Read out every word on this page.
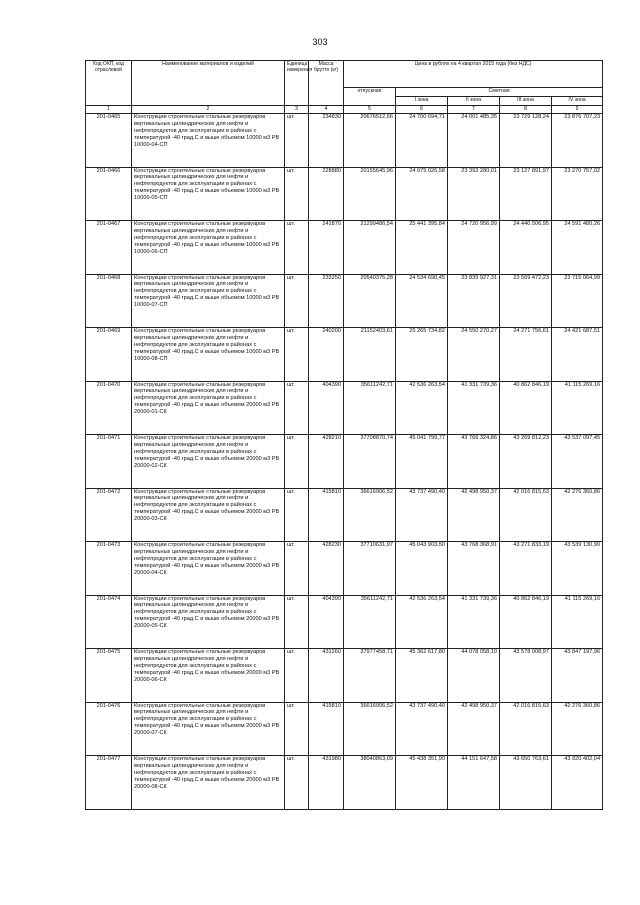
303
Код ОКП, код отраслевой	Наименование материалов и изделий	Единица измерения	Масса брутто (кг)	Цена в рублях на 4 квартал 2015 года (без НДС)				
				отпускная	Сметная			
					I зона	II зона	III зона	IV зона
1	2	3	4	5	6	7	8	9
201-0465	Конструкции строительные стальные резервуаров вертикальных цилиндрических для нефти и нефтепродуктов для эксплуатации в районах с температурой -40 град.С и выше объемом 10000 м3 РВ 10000-04-СП	шт.	234830	20676512,66	24 700 694,71	24 001 485,35	23 729 128,24	23 876 707,23
201-0466	Конструкции строительные стальные резервуаров вертикальных цилиндрических для нефти и нефтепродуктов для эксплуатации в районах с температурой -40 град.С и выше объемом 10000 м3 РВ 10000-05-СП	шт.	228880	20155645,96	24 075 026,58	23 393 280,01	23 127 891,97	23 270 757,02
201-0467	Конструкции строительные стальные резервуаров вертикальных цилиндрических для нефти и нефтепродуктов для эксплуатации в районах с температурой -40 град.С и выше объемом 10000 м3 РВ 10000-06-СП	шт.	241870	21299486,54	25 441 395,84	24 720 956,99	24 440 506,95	24 591 480,26
201-0468	Конструкции строительные стальные резервуаров вертикальных цилиндрических для нефти и нефтепродуктов для эксплуатации в районах с температурой -40 град.С и выше объемом 10000 м3 РВ 10000-07-СП	шт.	233250	20540375,28	24 534 690,45	23 839 927,31	23 569 472,23	23 715 064,99
201-0469	Конструкции строительные стальные резервуаров вертикальных цилиндрических для нефти и нефтепродуктов для эксплуатации в районах с температурой -40 град.С и выше объемом 10000 м3 РВ 10000-08-СП	шт.	240200	21152403,61	25 265 734,82	24 550 270,27	24 271 756,61	24 421 687,51
201-0470	Конструкции строительные стальные резервуаров вертикальных цилиндрических для нефти и нефтепродуктов для эксплуатации в районах с температурой -40 град.С и выше объемом 20000 м3 РВ 20000-01-СК	шт.	404390	35611242,71	42 536 263,54	41 331 739,36	40 862 846,19	41 115 269,16
201-0471	Конструкции строительные стальные резервуаров вертикальных цилиндрических для нефти и нефтепродуктов для эксплуатации в районах с температурой -40 град.С и выше объемом 20000 м3 РВ 20000-02-СК	шт.	428210	37708870,74	45 041 799,77	43 766 324,86	43 269 812,23	43 537 097,45
201-0472	Конструкции строительные стальные резервуаров вертикальных цилиндрических для нефти и нефтепродуктов для эксплуатации в районах с температурой -40 град.С и выше объемом 20000 м3 РВ 20000-03-СК	шт.	415810	36616906,52	43 737 490,40	42 498 950,37	42 016 815,63	42 276 360,86
201-0473	Конструкции строительные стальные резервуаров вертикальных цилиндрических для нефти и нефтепродуктов для эксплуатации в районах с температурой -40 град.С и выше объемом 20000 м3 РВ 20000-04-СК	шт.	428230	37710631,97	45 043 903,50	43 768 368,91	43 271 833,19	43 539 130,90
201-0474	Конструкции строительные стальные резервуаров вертикальных цилиндрических для нефти и нефтепродуктов для эксплуатации в районах с температурой -40 град.С и выше объемом 20000 м3 РВ 20000-05-СК	шт.	404390	35611242,71	42 536 263,54	41 331 739,36	40 862 846,19	41 115 269,16
201-0475	Конструкции строительные стальные резервуаров вертикальных цилиндрических для нефти и нефтепродуктов для эксплуатации в районах с температурой -40 град.С и выше объемом 20000 м3 РВ 20000-06-СК	шт.	431260	37977458,71	45 362 617,80	44 078 058,10	43 578 008,97	43 847 197,96
201-0476	Конструкции строительные стальные резервуаров вертикальных цилиндрических для нефти и нефтепродуктов для эксплуатации в районах с температурой -40 град.С и выше объемом 20000 м3 РВ 20000-07-СК	шт.	415810	36616906,52	43 737 490,40	42 498 950,37	42 016 815,63	42 276 360,86
201-0477	Конструкции строительные стальные резервуаров вертикальных цилиндрических для нефти и нефтепродуктов для эксплуатации в районах с температурой -40 град.С и выше объемом 20000 м3 РВ 20000-08-СК	шт.	431980	38040863,09	45 438 351,90	44 151 647,58	43 650 763,61	43 920 402,04
